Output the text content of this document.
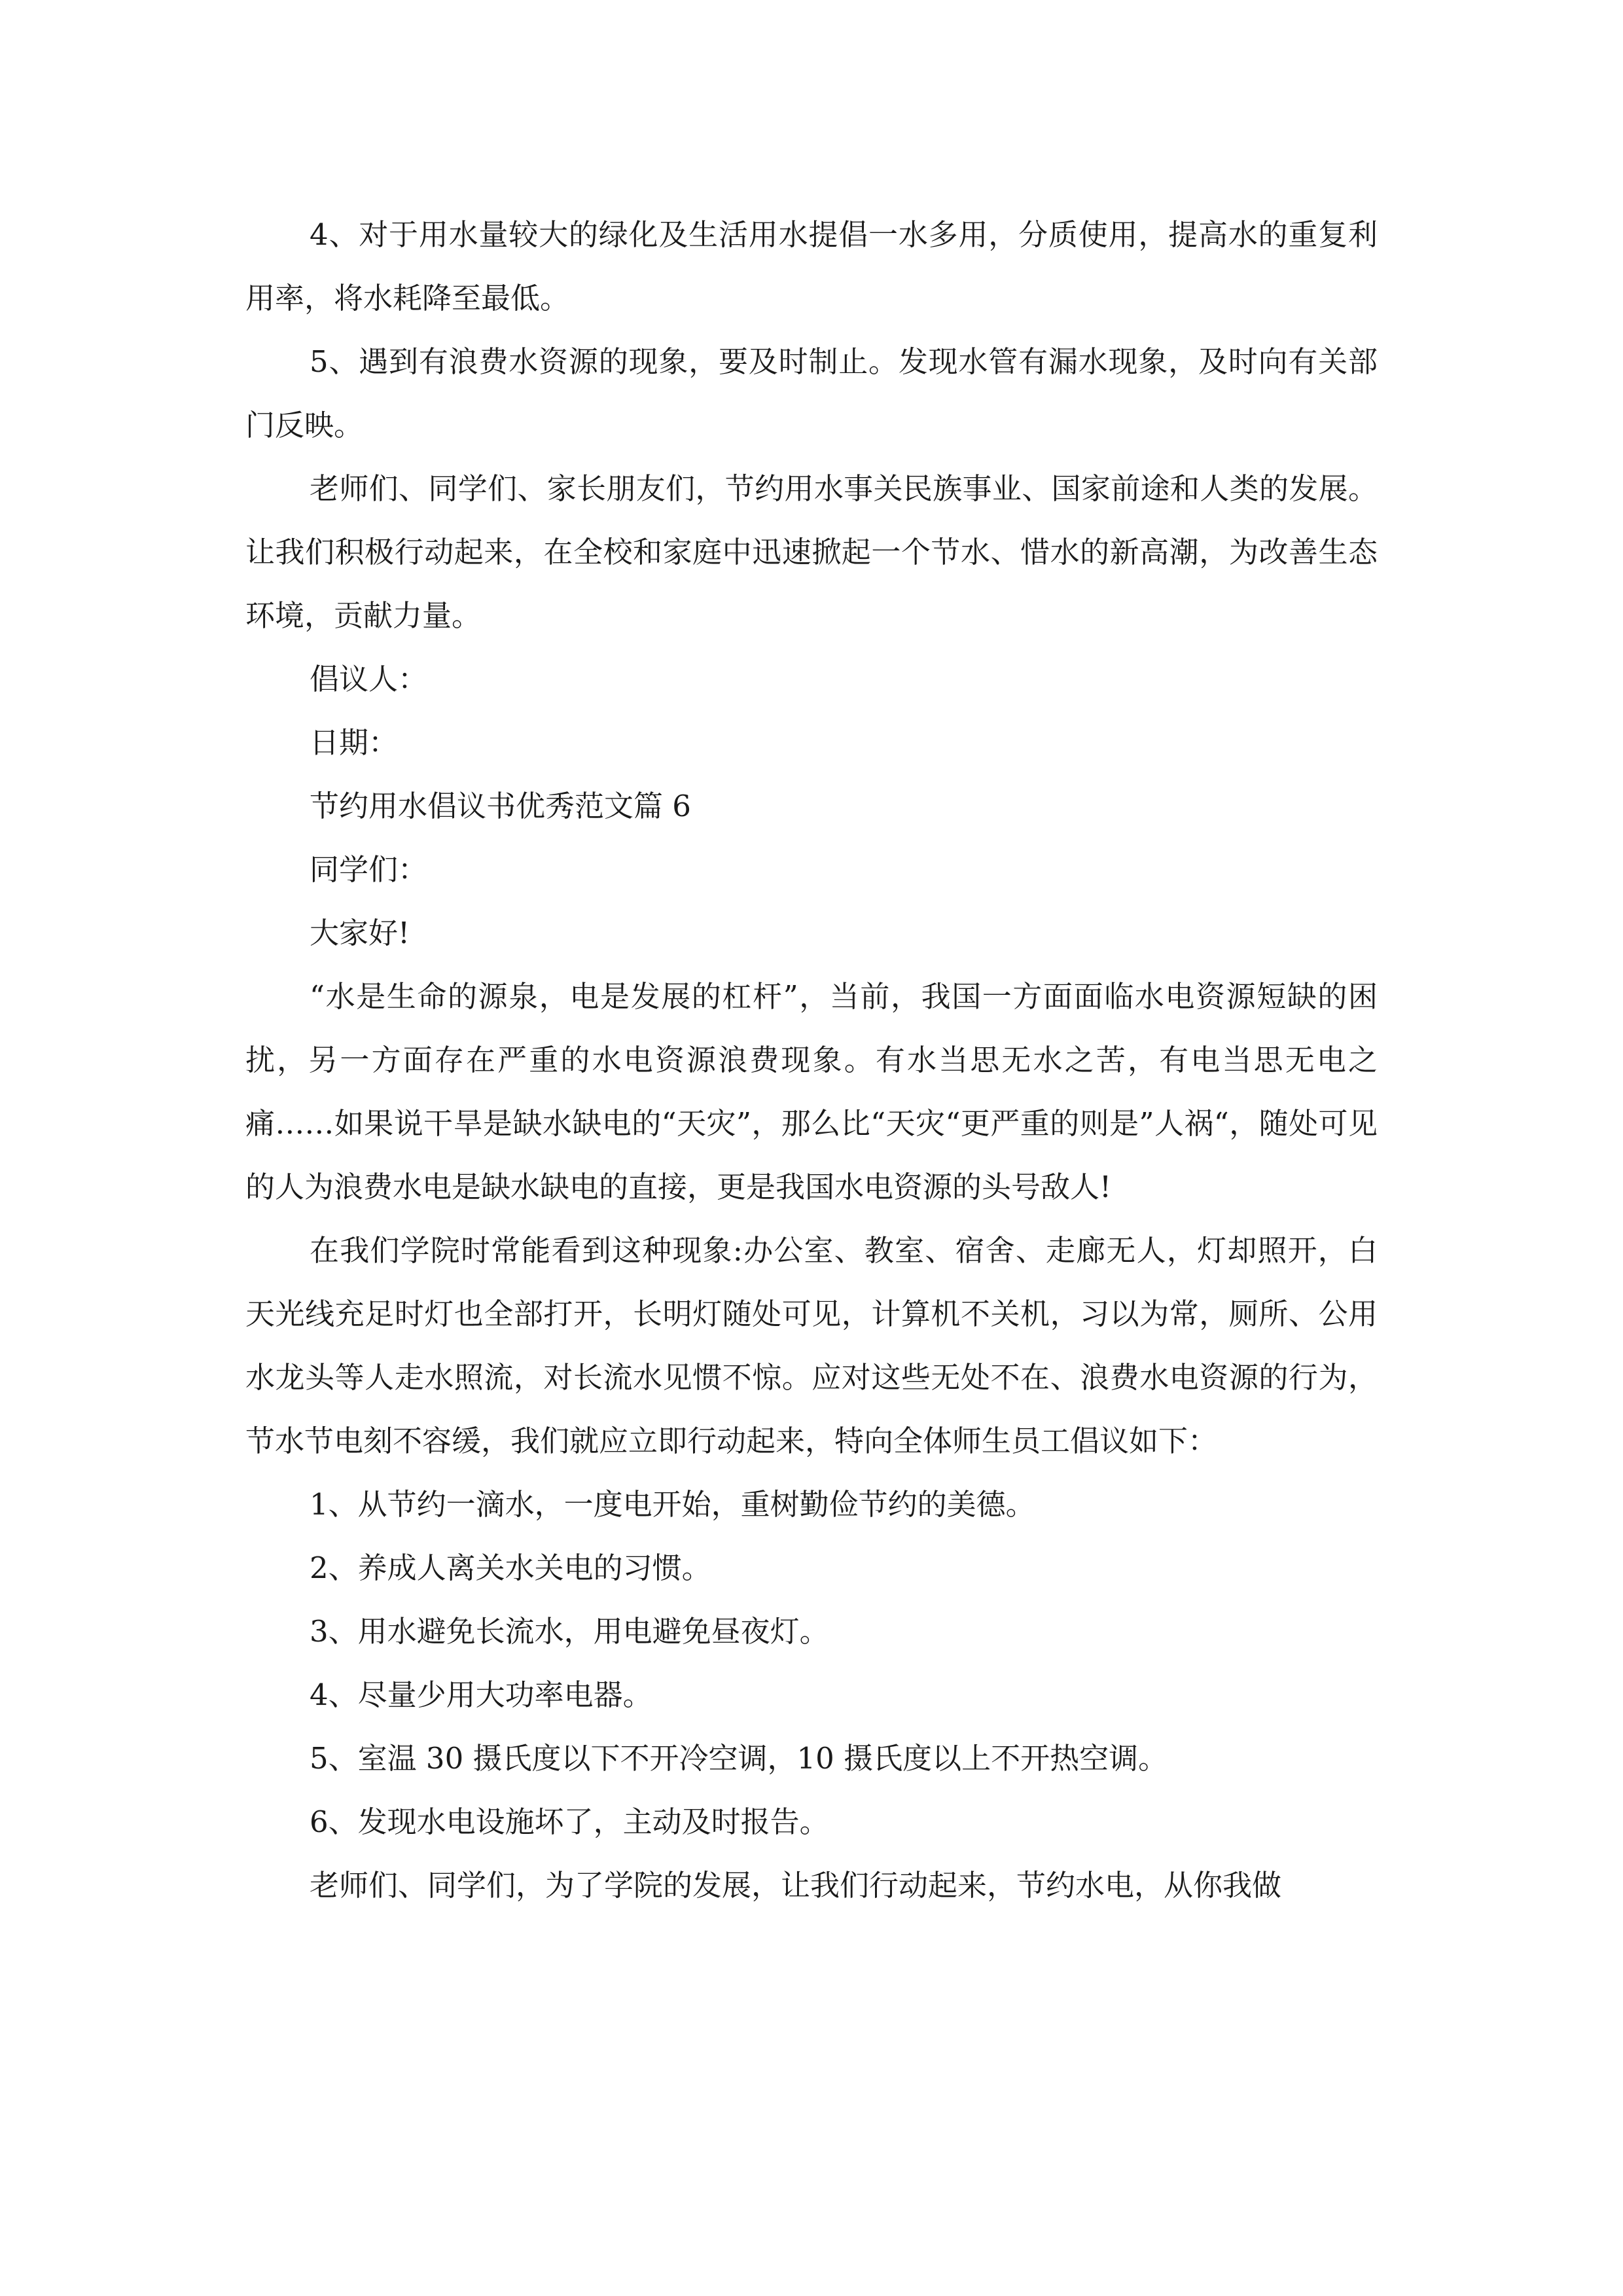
4、对于用水量较大的绿化及生活用水提倡一水多用，分质使用，提高水的重复利用率，将水耗降至最低。

5、遇到有浪费水资源的现象，要及时制止。发现水管有漏水现象，及时向有关部门反映。

老师们、同学们、家长朋友们，节约用水事关民族事业、国家前途和人类的发展。让我们积极行动起来，在全校和家庭中迅速掀起一个节水、惜水的新高潮，为改善生态环境，贡献力量。

倡议人：

日期：

节约用水倡议书优秀范文篇 6

同学们：

大家好!

“水是生命的源泉，电是发展的杠杆”，当前，我国一方面面临水电资源短缺的困扰，另一方面存在严重的水电资源浪费现象。有水当思无水之苦，有电当思无电之痛……如果说干旱是缺水缺电的“天灾”，那么比“天灾“更严重的则是”人祸“，随处可见的人为浪费水电是缺水缺电的直接，更是我国水电资源的头号敌人!

在我们学院时常能看到这种现象:办公室、教室、宿舍、走廊无人，灯却照开，白天光线充足时灯也全部打开，长明灯随处可见，计算机不关机，习以为常，厕所、公用水龙头等人走水照流，对长流水见惯不惊。应对这些无处不在、浪费水电资源的行为，节水节电刻不容缓，我们就应立即行动起来，特向全体师生员工倡议如下：

1、从节约一滴水，一度电开始，重树勤俭节约的美德。

2、养成人离关水关电的习惯。

3、用水避免长流水，用电避免昼夜灯。

4、尽量少用大功率电器。

5、室温 30 摄氏度以下不开冷空调，10 摄氏度以上不开热空调。

6、发现水电设施坏了，主动及时报告。

老师们、同学们，为了学院的发展，让我们行动起来，节约水电，从你我做
